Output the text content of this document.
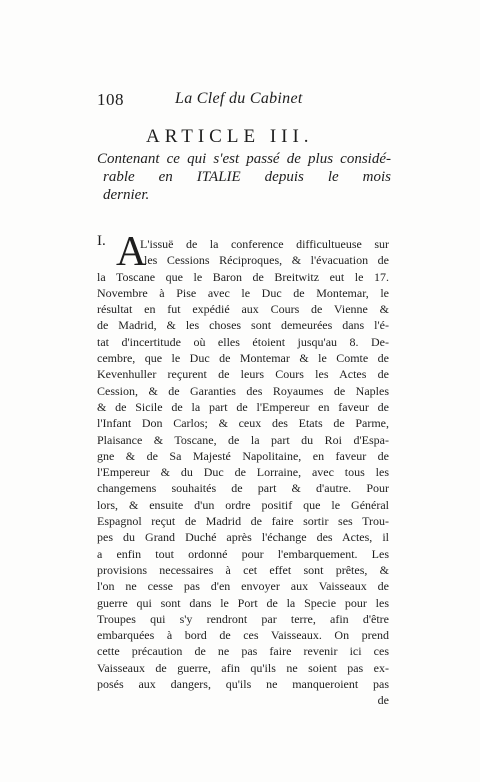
108	La Clef du Cabinet
ARTICLE III.
Contenant ce qui s'est passé de plus considé-
rable en ITALIE depuis le mois
dernier.
I. A
L'issuë de la conference difficultueuse sur
les Cessions Réciproques, & l'évacuation de
la Toscane que le Baron de Breitwitz eut le 17.
Novembre à Pise avec le Duc de Montemar, le
résultat en fut expédié aux Cours de Vienne &
de Madrid, & les choses sont demeurées dans l'é-
tat d'incertitude où elles étoient jusqu'au 8. De-
cembre, que le Duc de Montemar & le Comte de
Kevenhuller reçurent de leurs Cours les Actes de
Cession, & de Garanties des Royaumes de Naples
& de Sicile de la part de l'Empereur en faveur de
l'Infant Don Carlos; & ceux des Etats de Parme,
Plaisance & Toscane, de la part du Roi d'Espa-
gne & de Sa Majesté Napolitaine, en faveur de
l'Empereur & du Duc de Lorraine, avec tous les
changemens souhaités de part & d'autre. Pour
lors, & ensuite d'un ordre positif que le Général
Espagnol reçut de Madrid de faire sortir ses Trou-
pes du Grand Duché après l'échange des Actes, il
a enfin tout ordonné pour l'embarquement. Les
provisions necessaires à cet effet sont prêtes, &
l'on ne cesse pas d'en envoyer aux Vaisseaux de
guerre qui sont dans le Port de la Specie pour les
Troupes qui s'y rendront par terre, afin d'être
embarquées à bord de ces Vaisseaux. On prend
cette précaution de ne pas faire revenir ici ces
Vaisseaux de guerre, afin qu'ils ne soient pas ex-
posés aux dangers, qu'ils ne manqueroient pas
de
